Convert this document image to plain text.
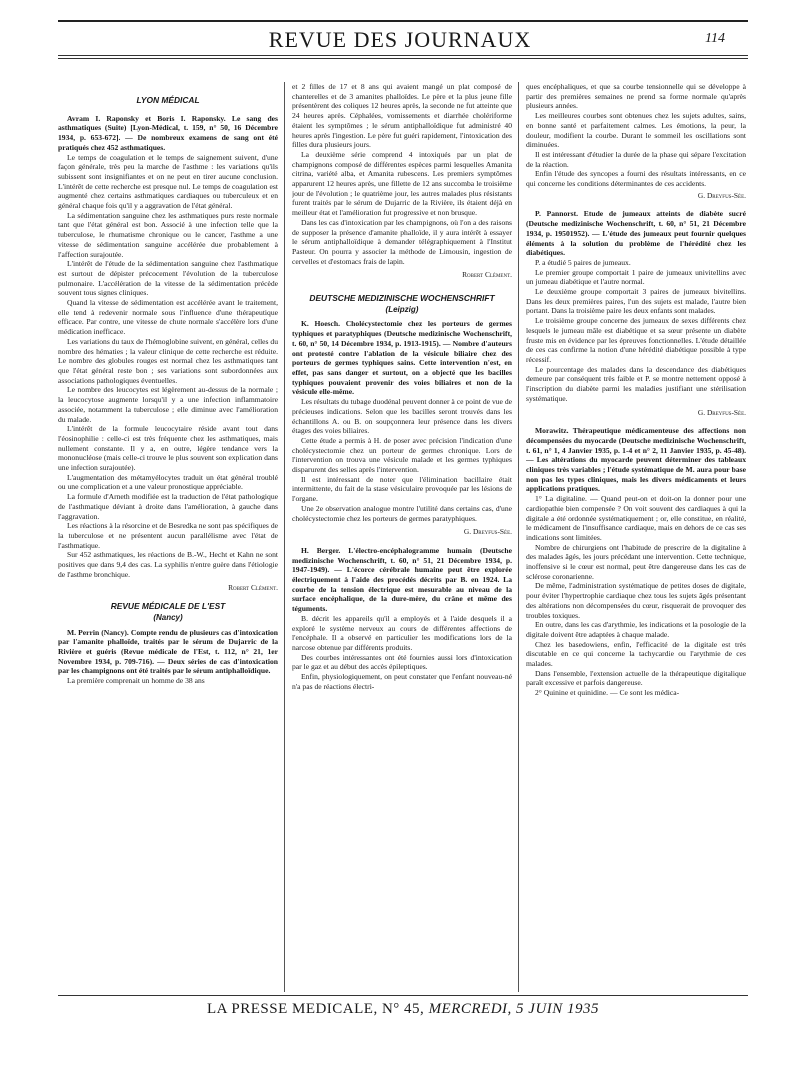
REVUE DES JOURNAUX	114
LYON MÉDICAL

Avram I. Raponsky et Boris I. Raponsky. Le sang des asthmatiques (Suite) [Lyon-Médical, t. 159, n° 50, 16 Décembre 1934, p. 653-672]. — De nombreux examens de sang ont été pratiqués chez 452 asthmatiques.

Le temps de coagulation et le temps de saignement suivent, d'une façon générale, très peu la marche de l'asthme : les variations qu'ils subissent sont insignifiantes et on ne peut en tirer aucune conclusion. L'intérêt de cette recherche est presque nul. Le temps de coagulation est augmenté chez certains asthmatiques cardiaques ou tuberculeux et en général chaque fois qu'il y a aggravation de l'état général.

La sédimentation sanguine chez les asthmatiques purs reste normale tant que l'état général est bon. Associé à une infection telle que la tuberculose, le rhumatisme chronique ou le cancer, l'asthme a une vitesse de sédimentation sanguine accélérée due probablement à l'affection surajoutée.

L'intérêt de l'étude de la sédimentation sanguine chez l'asthmatique est surtout de dépister précocement l'évolution de la tuberculose pulmonaire. L'accélération de la vitesse de la sédimentation précède souvent tous signes cliniques.

Quand la vitesse de sédimentation est accélérée avant le traitement, elle tend à redevenir normale sous l'influence d'une thérapeutique efficace. Par contre, une vitesse de chute normale s'accélère lors d'une médication inefficace.

Les variations du taux de l'hémoglobine suivent, en général, celles du nombre des hématies ; la valeur clinique de cette recherche est réduite. Le nombre des globules rouges est normal chez les asthmatiques tant que l'état général reste bon ; ses variations sont subordonnées aux associations pathologiques éventuelles.

Le nombre des leucocytes est légèrement au-dessus de la normale ; la leucocytose augmente lorsqu'il y a une infection inflammatoire associée, notamment la tuberculose ; elle diminue avec l'amélioration du malade.

L'intérêt de la formule leucocytaire réside avant tout dans l'éosinophilie : celle-ci est très fréquente chez les asthmatiques, mais nullement constante. Il y a, en outre, légère tendance vers la mononucléose (mais celle-ci trouve le plus souvent son explication dans une infection surajoutée).

L'augmentation des métamyélocytes traduit un état général troublé ou une complication et a une valeur pronostique appréciable.

La formule d'Arneth modifiée est la traduction de l'état pathologique de l'asthmatique déviant à droite dans l'amélioration, à gauche dans l'aggravation.

Les réactions à la résorcine et de Besredka ne sont pas spécifiques de la tuberculose et ne présentent aucun parallélisme avec l'état de l'asthmatique.

Sur 452 asthmatiques, les réactions de B.-W., Hecht et Kahn ne sont positives que dans 9,4 des cas. La syphilis n'entre guère dans l'étiologie de l'asthme bronchique.

Robert Clément.
REVUE MÉDICALE DE L'EST
(Nancy)

M. Perrin (Nancy). Compte rendu de plusieurs cas d'intoxication par l'amanite phalloïde, traités par le sérum de Dujarric de la Rivière et guéris (Revue médicale de l'Est, t. 112, n° 21, 1er Novembre 1934, p. 709-716). — Deux séries de cas d'intoxication par les champignons ont été traités par le sérum antiphalloïdique.

La première comprenait un homme de 38 ans

et 2 filles de 17 et 8 ans qui avaient mangé un plat composé de chanterelles et de 3 amanites phalloïdes. Le père et la plus jeune fille présentèrent des coliques 12 heures après, la seconde ne fut atteinte que 24 heures après. Céphalées, vomissements et diarrhée cholériforme étaient les symptômes ; le sérum antiphalloïdique fut administré 40 heures après l'ingestion. Le père fut guéri rapidement, l'intoxication des filles dura plusieurs jours.

La deuxième série comprend 4 intoxiqués par un plat de champignons composé de différentes espèces parmi lesquelles Amanita citrina, variété alba, et Amanita rubescens. Les premiers symptômes apparurent 12 heures après, une fillette de 12 ans succomba le troisième jour de l'évolution ; le quatrième jour, les autres malades plus résistants furent traités par le sérum de Dujarric de la Rivière, ils étaient déjà en meilleur état et l'amélioration fut progressive et non brusque.

Dans les cas d'intoxication par les champignons, où l'on a des raisons de supposer la présence d'amanite phalloïde, il y aura intérêt à essayer le sérum antiphalloïdique à demander télégraphiquement à l'Institut Pasteur. On pourra y associer la méthode de Limousin, ingestion de cervelles et d'estomacs frais de lapin.

Robert Clément.
DEUTSCHE MEDIZINISCHE WOCHENSCHRIFT
(Leipzig)

K. Hoesch. Cholécystectomie chez les porteurs de germes typhiques et paratyphiques (Deutsche medizinische Wochenschrift, t. 60, n° 50, 14 Décembre 1934, p. 1913-1915). — Nombre d'auteurs ont protesté contre l'ablation de la vésicule biliaire chez des porteurs de germes typhiques sains. Cette intervention n'est, en effet, pas sans danger et surtout, on a objecté que les bacilles typhiques pouvaient provenir des voies biliaires et non de la vésicule elle-même.

Les résultats du tubage duodénal peuvent donner à ce point de vue de précieuses indications. Selon que les bacilles seront trouvés dans les échantillons A. ou B. on soupçonnera leur présence dans les divers étages des voies biliaires.

Cette étude a permis à H. de poser avec précision l'indication d'une cholécystectomie chez un porteur de germes chronique. Lors de l'intervention on trouva une vésicule malade et les germes typhiques disparurent des selles après l'intervention.

Il est intéressant de noter que l'élimination bacillaire était intermittente, du fait de la stase vésiculaire provoquée par les lésions de l'organe.

Une 2e observation analogue montre l'utilité dans certains cas, d'une cholécystectomie chez les porteurs de germes paratyphiques.

G. Dreyfus-Sée.

H. Berger. L'électro-encéphalogramme humain (Deutsche medizinische Wochenschrift, t. 60, n° 51, 21 Décembre 1934, p. 1947-1949). — L'écorce cérébrale humaine peut être explorée électriquement à l'aide des procédés décrits par B. en 1924. La courbe de la tension électrique est mesurable au niveau de la surface encéphalique, de la dure-mère, du crâne et même des téguments.

B. décrit les appareils qu'il a employés et à l'aide desquels il a exploré le système nerveux au cours de différentes affections de l'encéphale. Il a observé en particulier les modifications lors de la narcose obtenue par différents produits.

Des courbes intéressantes ont été fournies aussi lors d'intoxication par le gaz et au début des accès épileptiques.

Enfin, physiologiquement, on peut constater que l'enfant nouveau-né n'a pas de réactions électri-

ques encéphaliques, et que sa courbe tensionnelle qui se développe à partir des premières semaines ne prend sa forme normale qu'après plusieurs années.

Les meilleures courbes sont obtenues chez les sujets adultes, sains, en bonne santé et parfaitement calmes. Les émotions, la peur, la douleur, modifient la courbe. Durant le sommeil les oscillations sont diminuées.

Il est intéressant d'étudier la durée de la phase qui sépare l'excitation de la réaction.

Enfin l'étude des syncopes a fourni des résultats intéressants, en ce qui concerne les conditions déterminantes de ces accidents.

G. Dreyfus-Sée.

P. Pannorst. Etude de jumeaux atteints de diabète sucré (Deutsche medizinische Wochenschrift, t. 60, n° 51, 21 Décembre 1934, p. 19501952). — L'étude des jumeaux peut fournir quelques éléments à la solution du problème de l'hérédité chez les diabétiques.

P. a étudié 5 paires de jumeaux.

Le premier groupe comportait 1 paire de jumeaux univitellins avec un jumeau diabétique et l'autre normal.

Le deuxième groupe comportait 3 paires de jumeaux bivitellins. Dans les deux premières paires, l'un des sujets est malade, l'autre bien portant. Dans la troisième paire les deux enfants sont malades.

Le troisième groupe concerne des jumeaux de sexes différents chez lesquels le jumeau mâle est diabétique et sa sœur présente un diabète fruste mis en évidence par les épreuves fonctionnelles. L'étude détaillée de ces cas confirme la notion d'une hérédité diabétique possible à type récessif.

Le pourcentage des malades dans la descendance des diabétiques demeure par conséquent très faible et P. se montre nettement opposé à l'inscription du diabète parmi les maladies justifiant une stérilisation systématique.

G. Dreyfus-Sée.

Morawitz. Thérapeutique médicamenteuse des affections non décompensées du myocarde (Deutsche medizinische Wochenschrift, t. 61, n° 1, 4 Janvier 1935, p. 1-4 et n° 2, 11 Janvier 1935, p. 45-48). — Les altérations du myocarde peuvent déterminer des tableaux cliniques très variables ; l'étude systématique de M. aura pour base non pas les types cliniques, mais les divers médicaments et leurs applications pratiques.

1° La digitaline. — Quand peut-on et doit-on la donner pour une cardiopathie bien compensée ? On voit souvent des cardiaques à qui la digitale a été ordonnée systématiquement ; or, elle constitue, en réalité, le médicament de l'insuffisance cardiaque, mais en dehors de ce cas ses indications sont limitées.

Nombre de chirurgiens ont l'habitude de prescrire de la digitaline à des malades âgés, les jours précédant une intervention. Cette technique, inoffensive si le cœur est normal, peut être dangereuse dans les cas de sclérose coronarienne.

De même, l'administration systématique de petites doses de digitale, pour éviter l'hypertrophie cardiaque chez tous les sujets âgés présentant des altérations non décompensées du cœur, risquerait de provoquer des troubles toxiques.

En outre, dans les cas d'arythmie, les indications et la posologie de la digitale doivent être adaptées à chaque malade.

Chez les basedowiens, enfin, l'efficacité de la digitale est très discutable en ce qui concerne la tachycardie ou l'arythmie de ces malades.

Dans l'ensemble, l'extension actuelle de la thérapeutique digitalique paraît excessive et parfois dangereuse.

2° Quinine et quinidine. — Ce sont les médica-

LA PRESSE MEDICALE, N° 45, MERCREDI, 5 JUIN 1935
